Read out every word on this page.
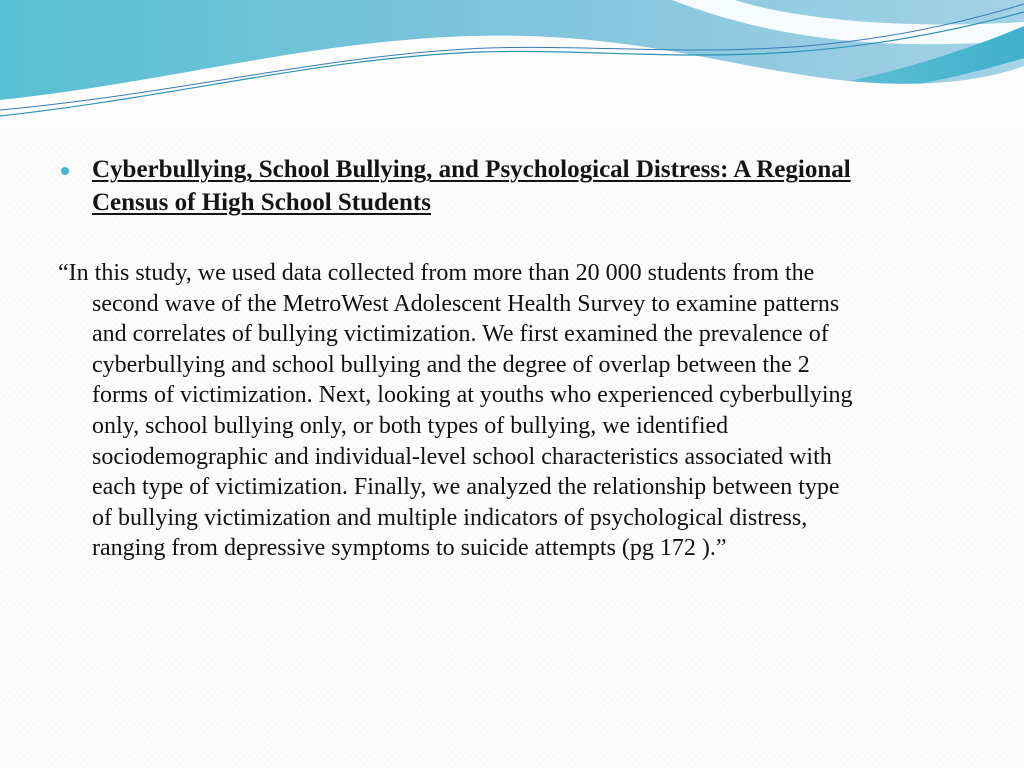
Cyberbullying, School Bullying, and Psychological Distress: A Regional
Census of High School Students
“In this study, we used data collected from more than 20 000 students from the
second wave of the MetroWest Adolescent Health Survey to examine patterns
and correlates of bullying victimization. We first examined the prevalence of
cyberbullying and school bullying and the degree of overlap between the 2
forms of victimization. Next, looking at youths who experienced cyberbullying
only, school bullying only, or both types of bullying, we identified
sociodemographic and individual-level school characteristics associated with
each type of victimization. Finally, we analyzed the relationship between type
of bullying victimization and multiple indicators of psychological distress,
ranging from depressive symptoms to suicide attempts (pg 172 ).”
